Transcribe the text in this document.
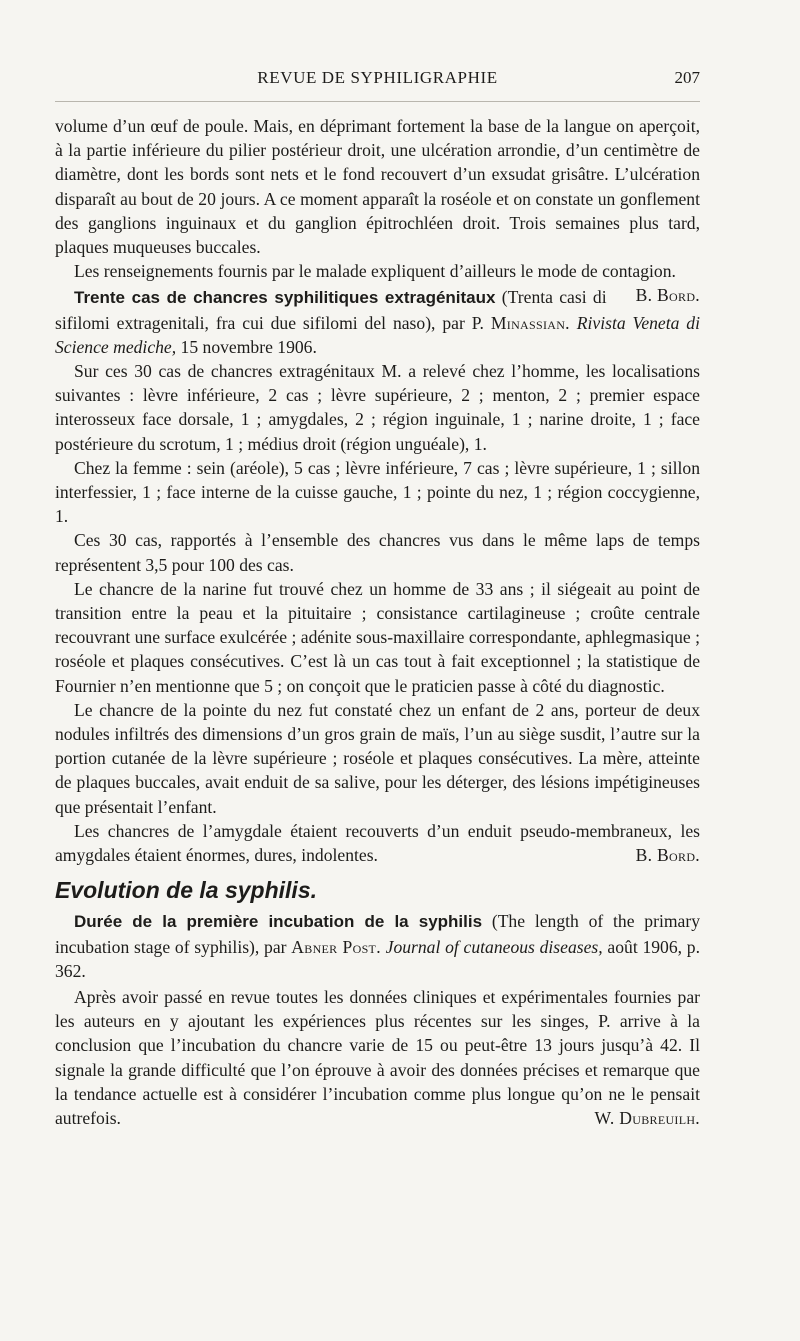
REVUE DE SYPHILIGRAPHIE	207

volume d’un œuf de poule. Mais, en déprimant fortement la base de la langue on aperçoit, à la partie inférieure du pilier postérieur droit, une ulcération arrondie, d’un centimètre de diamètre, dont les bords sont nets et le fond recouvert d’un exsudat grisâtre. L’ulcération disparaît au bout de 20 jours. A ce moment apparaît la roséole et on constate un gonflement des ganglions inguinaux et du ganglion épitrochléen droit. Trois semaines plus tard, plaques muqueuses buccales.

Les renseignements fournis par le malade expliquent d’ailleurs le mode de contagion.
B. Bord.

Trente cas de chancres syphilitiques extragénitaux (Trenta casi di sifilomi extragenitali, fra cui due sifilomi del naso), par P. Minassian. Rivista Veneta di Science mediche, 15 novembre 1906.

Sur ces 30 cas de chancres extragénitaux M. a relevé chez l’homme, les localisations suivantes : lèvre inférieure, 2 cas ; lèvre supérieure, 2 ; menton, 2 ; premier espace interosseux face dorsale, 1 ; amygdales, 2 ; région inguinale, 1 ; narine droite, 1 ; face postérieure du scrotum, 1 ; médius droit (région unguéale), 1.

Chez la femme : sein (aréole), 5 cas ; lèvre inférieure, 7 cas ; lèvre supérieure, 1 ; sillon interfessier, 1 ; face interne de la cuisse gauche, 1 ; pointe du nez, 1 ; région coccygienne, 1.

Ces 30 cas, rapportés à l’ensemble des chancres vus dans le même laps de temps représentent 3,5 pour 100 des cas.

Le chancre de la narine fut trouvé chez un homme de 33 ans ; il siégeait au point de transition entre la peau et la pituitaire ; consistance cartilagineuse ; croûte centrale recouvrant une surface exulcérée ; adénite sous-maxillaire correspondante, aphlegmasique ; roséole et plaques consécutives. C’est là un cas tout à fait exceptionnel ; la statistique de Fournier n’en mentionne que 5 ; on conçoit que le praticien passe à côté du diagnostic.

Le chancre de la pointe du nez fut constaté chez un enfant de 2 ans, porteur de deux nodules infiltrés des dimensions d’un gros grain de maïs, l’un au siège susdit, l’autre sur la portion cutanée de la lèvre supérieure ; roséole et plaques consécutives. La mère, atteinte de plaques buccales, avait enduit de sa salive, pour les déterger, des lésions impétigineuses que présentait l’enfant.

Les chancres de l’amygdale étaient recouverts d’un enduit pseudo-membraneux, les amygdales étaient énormes, dures, indolentes.	B. Bord.

Evolution de la syphilis.

Durée de la première incubation de la syphilis (The length of the primary incubation stage of syphilis), par Abner Post. Journal of cutaneous diseases, août 1906, p. 362.

Après avoir passé en revue toutes les données cliniques et expérimentales fournies par les auteurs en y ajoutant les expériences plus récentes sur les singes, P. arrive à la conclusion que l’incubation du chancre varie de 15 ou peut-être 13 jours jusqu’à 42. Il signale la grande difficulté que l’on éprouve à avoir des données précises et remarque que la tendance actuelle est à considérer l’incubation comme plus longue qu’on ne le pensait autrefois.	W. Dubreuilh.
